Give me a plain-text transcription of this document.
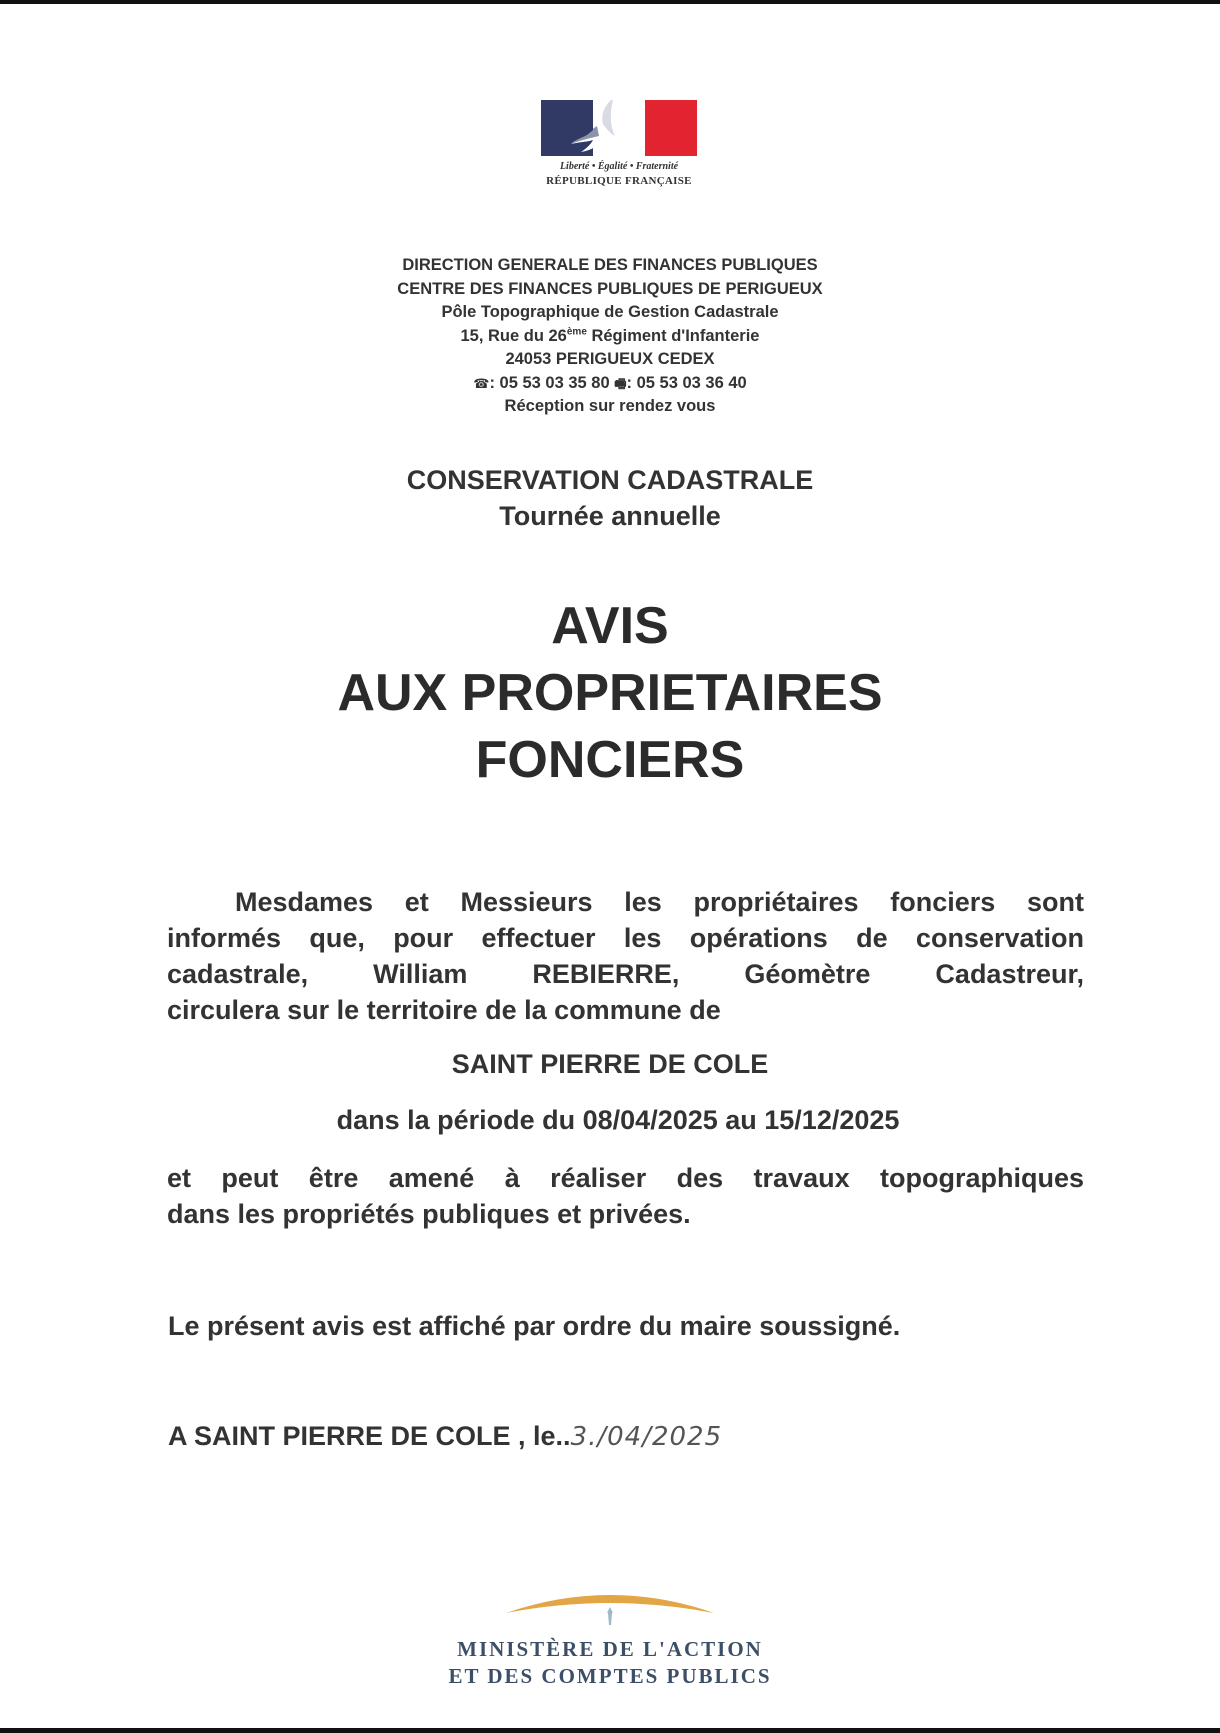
Liberté • Égalité • Fraternité
RÉPUBLIQUE FRANÇAISE
DIRECTION GENERALE DES FINANCES PUBLIQUES
CENTRE DES FINANCES PUBLIQUES DE PERIGUEUX
Pôle Topographique de Gestion Cadastrale
15, Rue du 26ème Régiment d'Infanterie
24053 PERIGUEUX CEDEX
☎: 05 53 03 35 80 🖷: 05 53 03 36 40
Réception sur rendez vous
CONSERVATION CADASTRALE
Tournée annuelle
AVIS
AUX PROPRIETAIRES
FONCIERS
Mesdames et Messieurs les propriétaires fonciers sont
informés que, pour effectuer les opérations de conservation
cadastrale, William REBIERRE, Géomètre Cadastreur,
circulera sur le territoire de la commune de
SAINT PIERRE DE COLE
dans la période du 08/04/2025 au 15/12/2025
et peut être amené à réaliser des travaux topographiques
dans les propriétés publiques et privées.
Le présent avis est affiché par ordre du maire soussigné.
A SAINT PIERRE DE COLE , le..3./04/2025
MINISTÈRE DE L'ACTION
ET DES COMPTES PUBLICS
